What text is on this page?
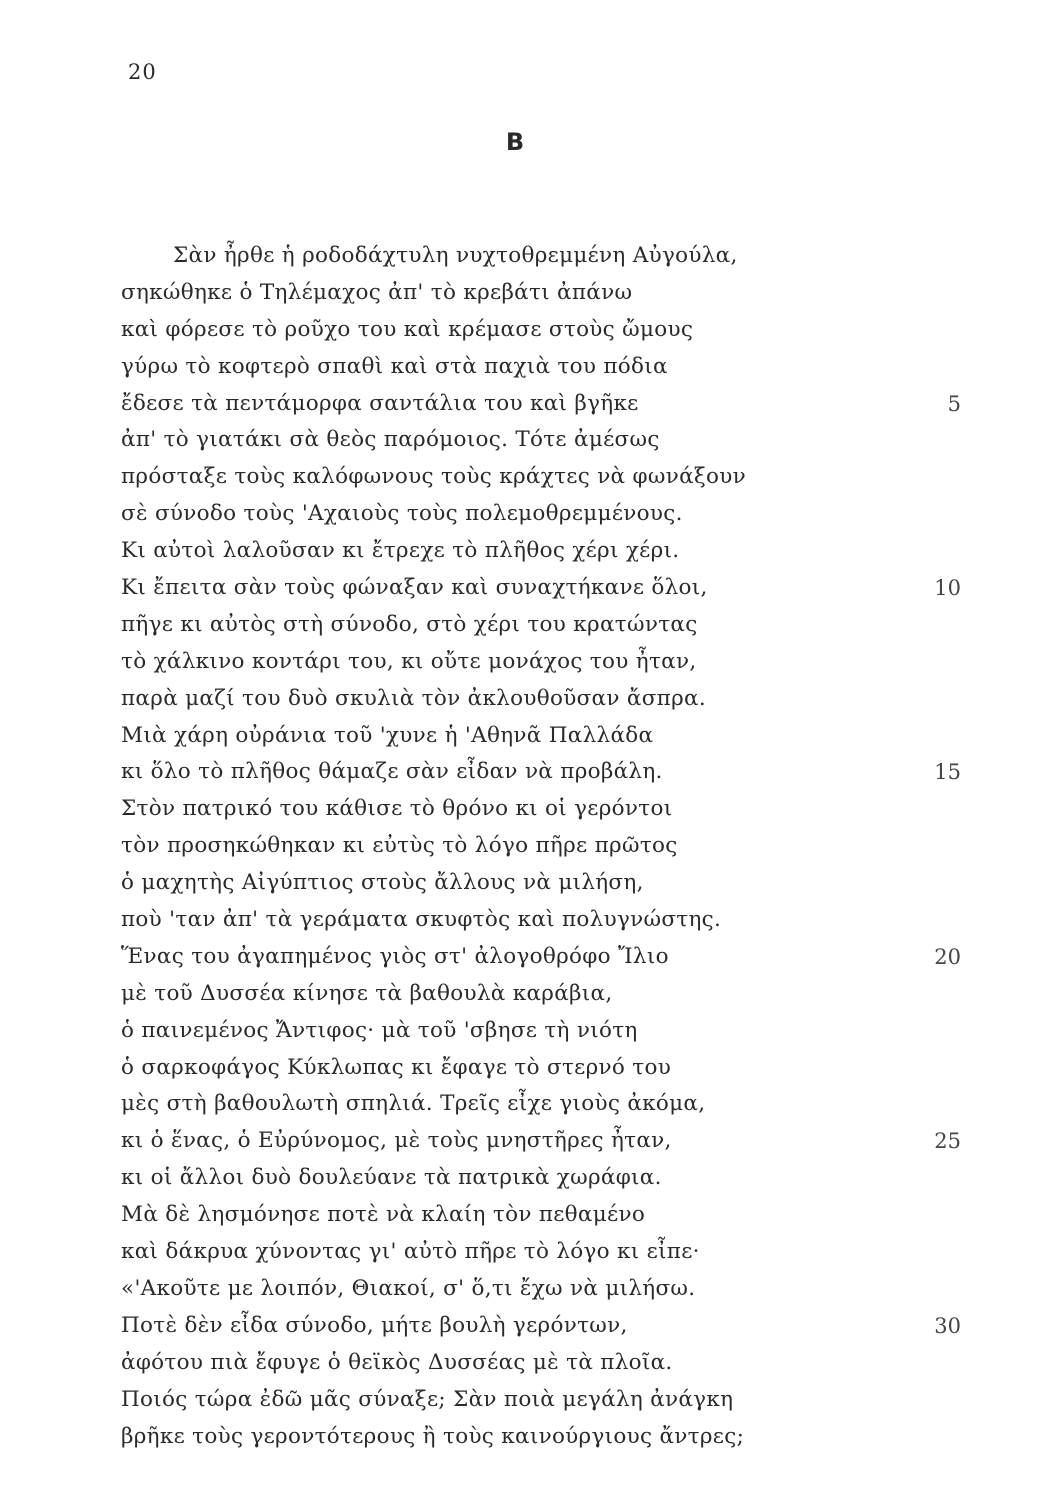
20
B
Σὰν ἦρθε ἡ ροδοδάχτυλη νυχτοθρεμμένη Αὐγούλα,
σηκώθηκε ὁ Τηλέμαχος ἀπ' τὸ κρεβάτι ἀπάνω
καὶ φόρεσε τὸ ροῦχο του καὶ κρέμασε στοὺς ὤμους
γύρω τὸ κοφτερὸ σπαθὶ καὶ στὰ παχιὰ του πόδια
ἔδεσε τὰ πεντάμορφα σαντάλια του καὶ βγῆκε	5
ἀπ' τὸ γιατάκι σὰ θεὸς παρόμοιος. Τότε ἀμέσως
πρόσταξε τοὺς καλόφωνους τοὺς κράχτες νὰ φωνάξουν
σὲ σύνοδο τοὺς 'Αχαιοὺς τοὺς πολεμοθρεμμένους.
Κι αὐτοὶ λαλοῦσαν κι ἔτρεχε τὸ πλῆθος χέρι χέρι.
Κι ἔπειτα σὰν τοὺς φώναξαν καὶ συναχτήκανε ὅλοι,	10
πῆγε κι αὐτὸς στὴ σύνοδο, στὸ χέρι του κρατώντας
τὸ χάλκινο κοντάρι του, κι οὔτε μονάχος του ἦταν,
παρὰ μαζί του δυὸ σκυλιὰ τὸν ἀκλουθοῦσαν ἄσπρα.
Μιὰ χάρη οὐράνια τοῦ 'χυνε ἡ 'Αθηνᾶ Παλλάδα
κι ὅλο τὸ πλῆθος θάμαζε σὰν εἶδαν νὰ προβάλη.	15
Στὸν πατρικό του κάθισε τὸ θρόνο κι οἱ γερόντοι
τὸν προσηκώθηκαν κι εὐτὺς τὸ λόγο πῆρε πρῶτος
ὁ μαχητὴς Αἰγύπτιος στοὺς ἄλλους νὰ μιλήση,
ποὺ 'ταν ἀπ' τὰ γεράματα σκυφτὸς καὶ πολυγνώστης.
Ἕνας του ἀγαπημένος γιὸς στ' ἀλογοθρόφο Ἴλιο	20
μὲ τοῦ Δυσσέα κίνησε τὰ βαθουλὰ καράβια,
ὁ παινεμένος Ἄντιφος· μὰ τοῦ 'σβησε τὴ νιότη
ὁ σαρκοφάγος Κύκλωπας κι ἔφαγε τὸ στερνό του
μὲς στὴ βαθουλωτὴ σπηλιά. Τρεῖς εἶχε γιοὺς ἀκόμα,
κι ὁ ἕνας, ὁ Εὐρύνομος, μὲ τοὺς μνηστῆρες ἦταν,	25
κι οἱ ἄλλοι δυὸ δουλεύανε τὰ πατρικὰ χωράφια.
Μὰ δὲ λησμόνησε ποτὲ νὰ κλαίη τὸν πεθαμένο
καὶ δάκρυα χύνοντας γι' αὐτὸ πῆρε τὸ λόγο κι εἶπε·
«'Ακοῦτε με λοιπόν, Θιακοί, σ' ὅ,τι ἔχω νὰ μιλήσω.
Ποτὲ δὲν εἶδα σύνοδο, μήτε βουλὴ γερόντων,	30
ἀφότου πιὰ ἔφυγε ὁ θεϊκὸς Δυσσέας μὲ τὰ πλοῖα.
Ποιός τώρα ἐδῶ μᾶς σύναξε; Σὰν ποιὰ μεγάλη ἀνάγκη
βρῆκε τοὺς γεροντότερους ἢ τοὺς καινούργιους ἄντρες;
